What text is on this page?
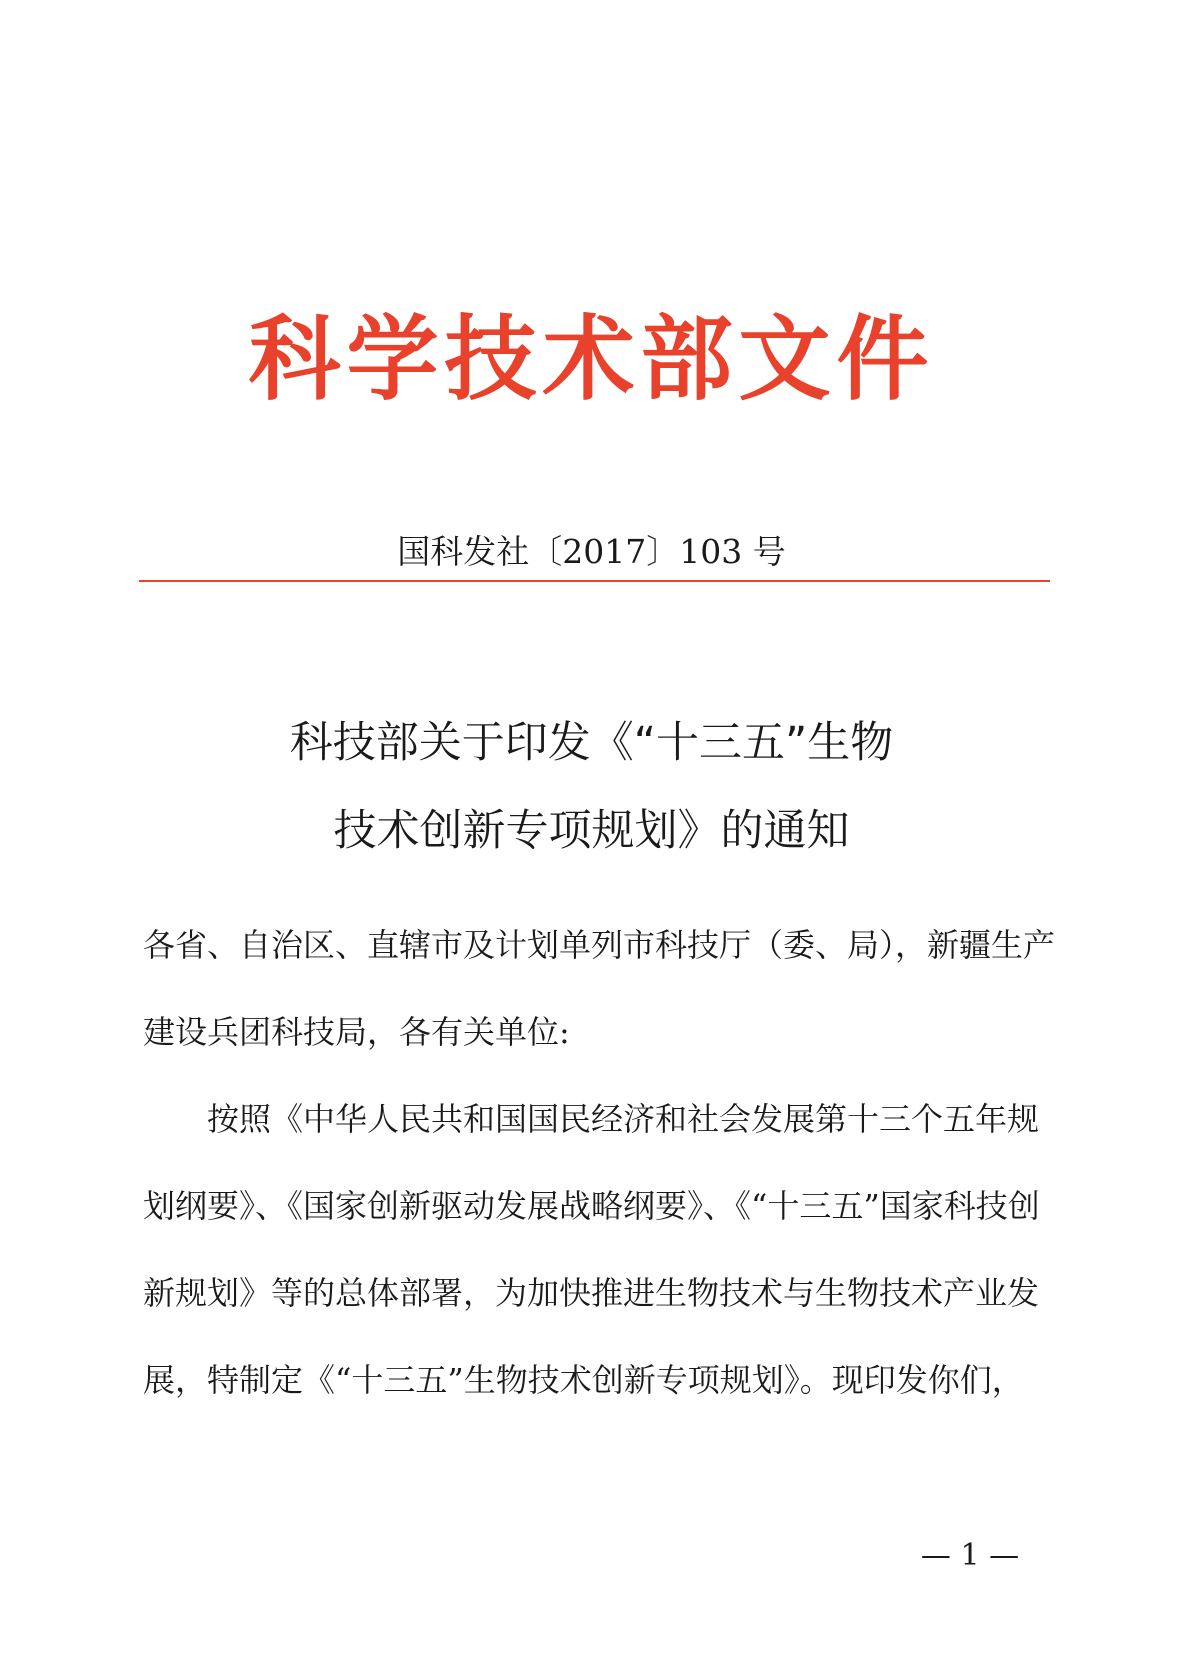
科学技术部文件
国科发社〔2017〕103 号
科技部关于印发《“十三五”生物
技术创新专项规划》的通知
各省、自治区、直辖市及计划单列市科技厅（委、局），新疆生产
建设兵团科技局，各有关单位:
按照《中华人民共和国国民经济和社会发展第十三个五年规
划纲要》、《国家创新驱动发展战略纲要》、《“十三五”国家科技创
新规划》等的总体部署，为加快推进生物技术与生物技术产业发
展，特制定《“十三五”生物技术创新专项规划》。现印发你们，
— 1 —
